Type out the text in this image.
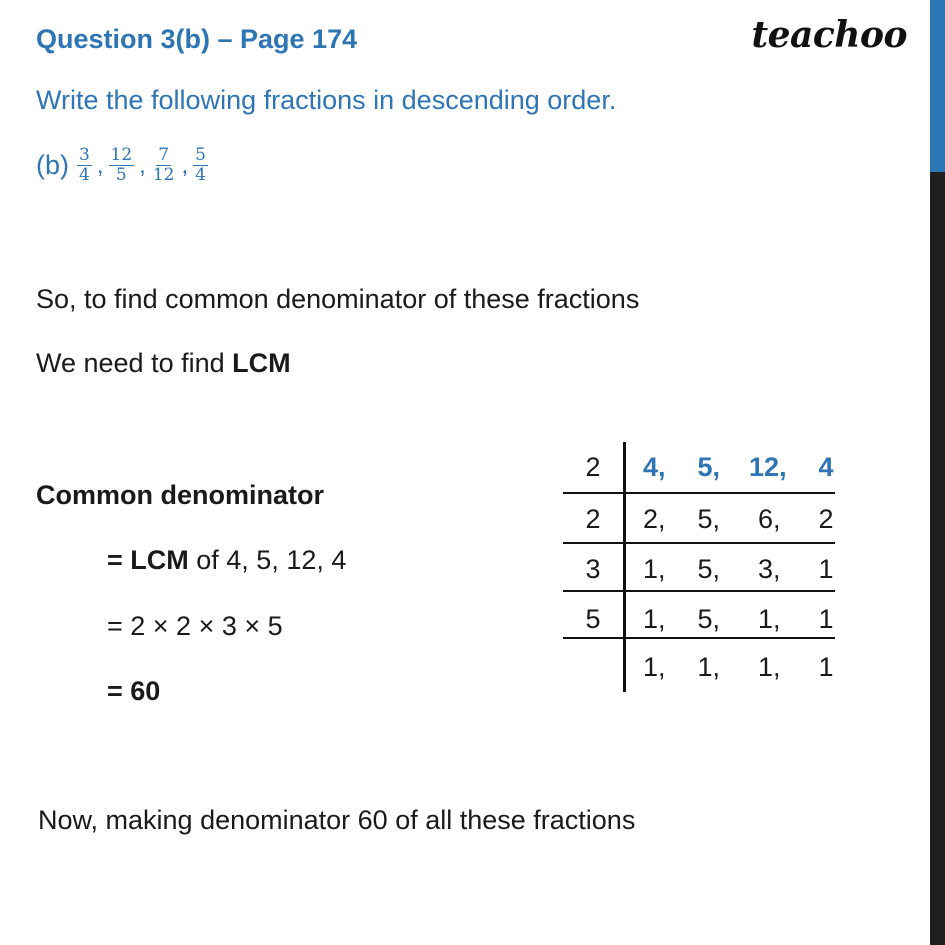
Question 3(b) – Page 174	teachoo
Write the following fractions in descending order.
$(b) \frac{3}{4}$ , $\frac{12}{5}$ , $\frac{7}{12}$ , $\frac{5}{4}$
So, to find common denominator of these fractions
We need to find LCM
Common denominator
= LCM of 4, 5, 12, 4
= 2 × 2 × 3 × 5
= 60
Now, making denominator 60 of all these fractions
2	4, 5, 12, 4
2	2, 5, 6, 2
3	1, 5, 3, 1
5	1, 5, 1, 1
1, 1, 1, 1
